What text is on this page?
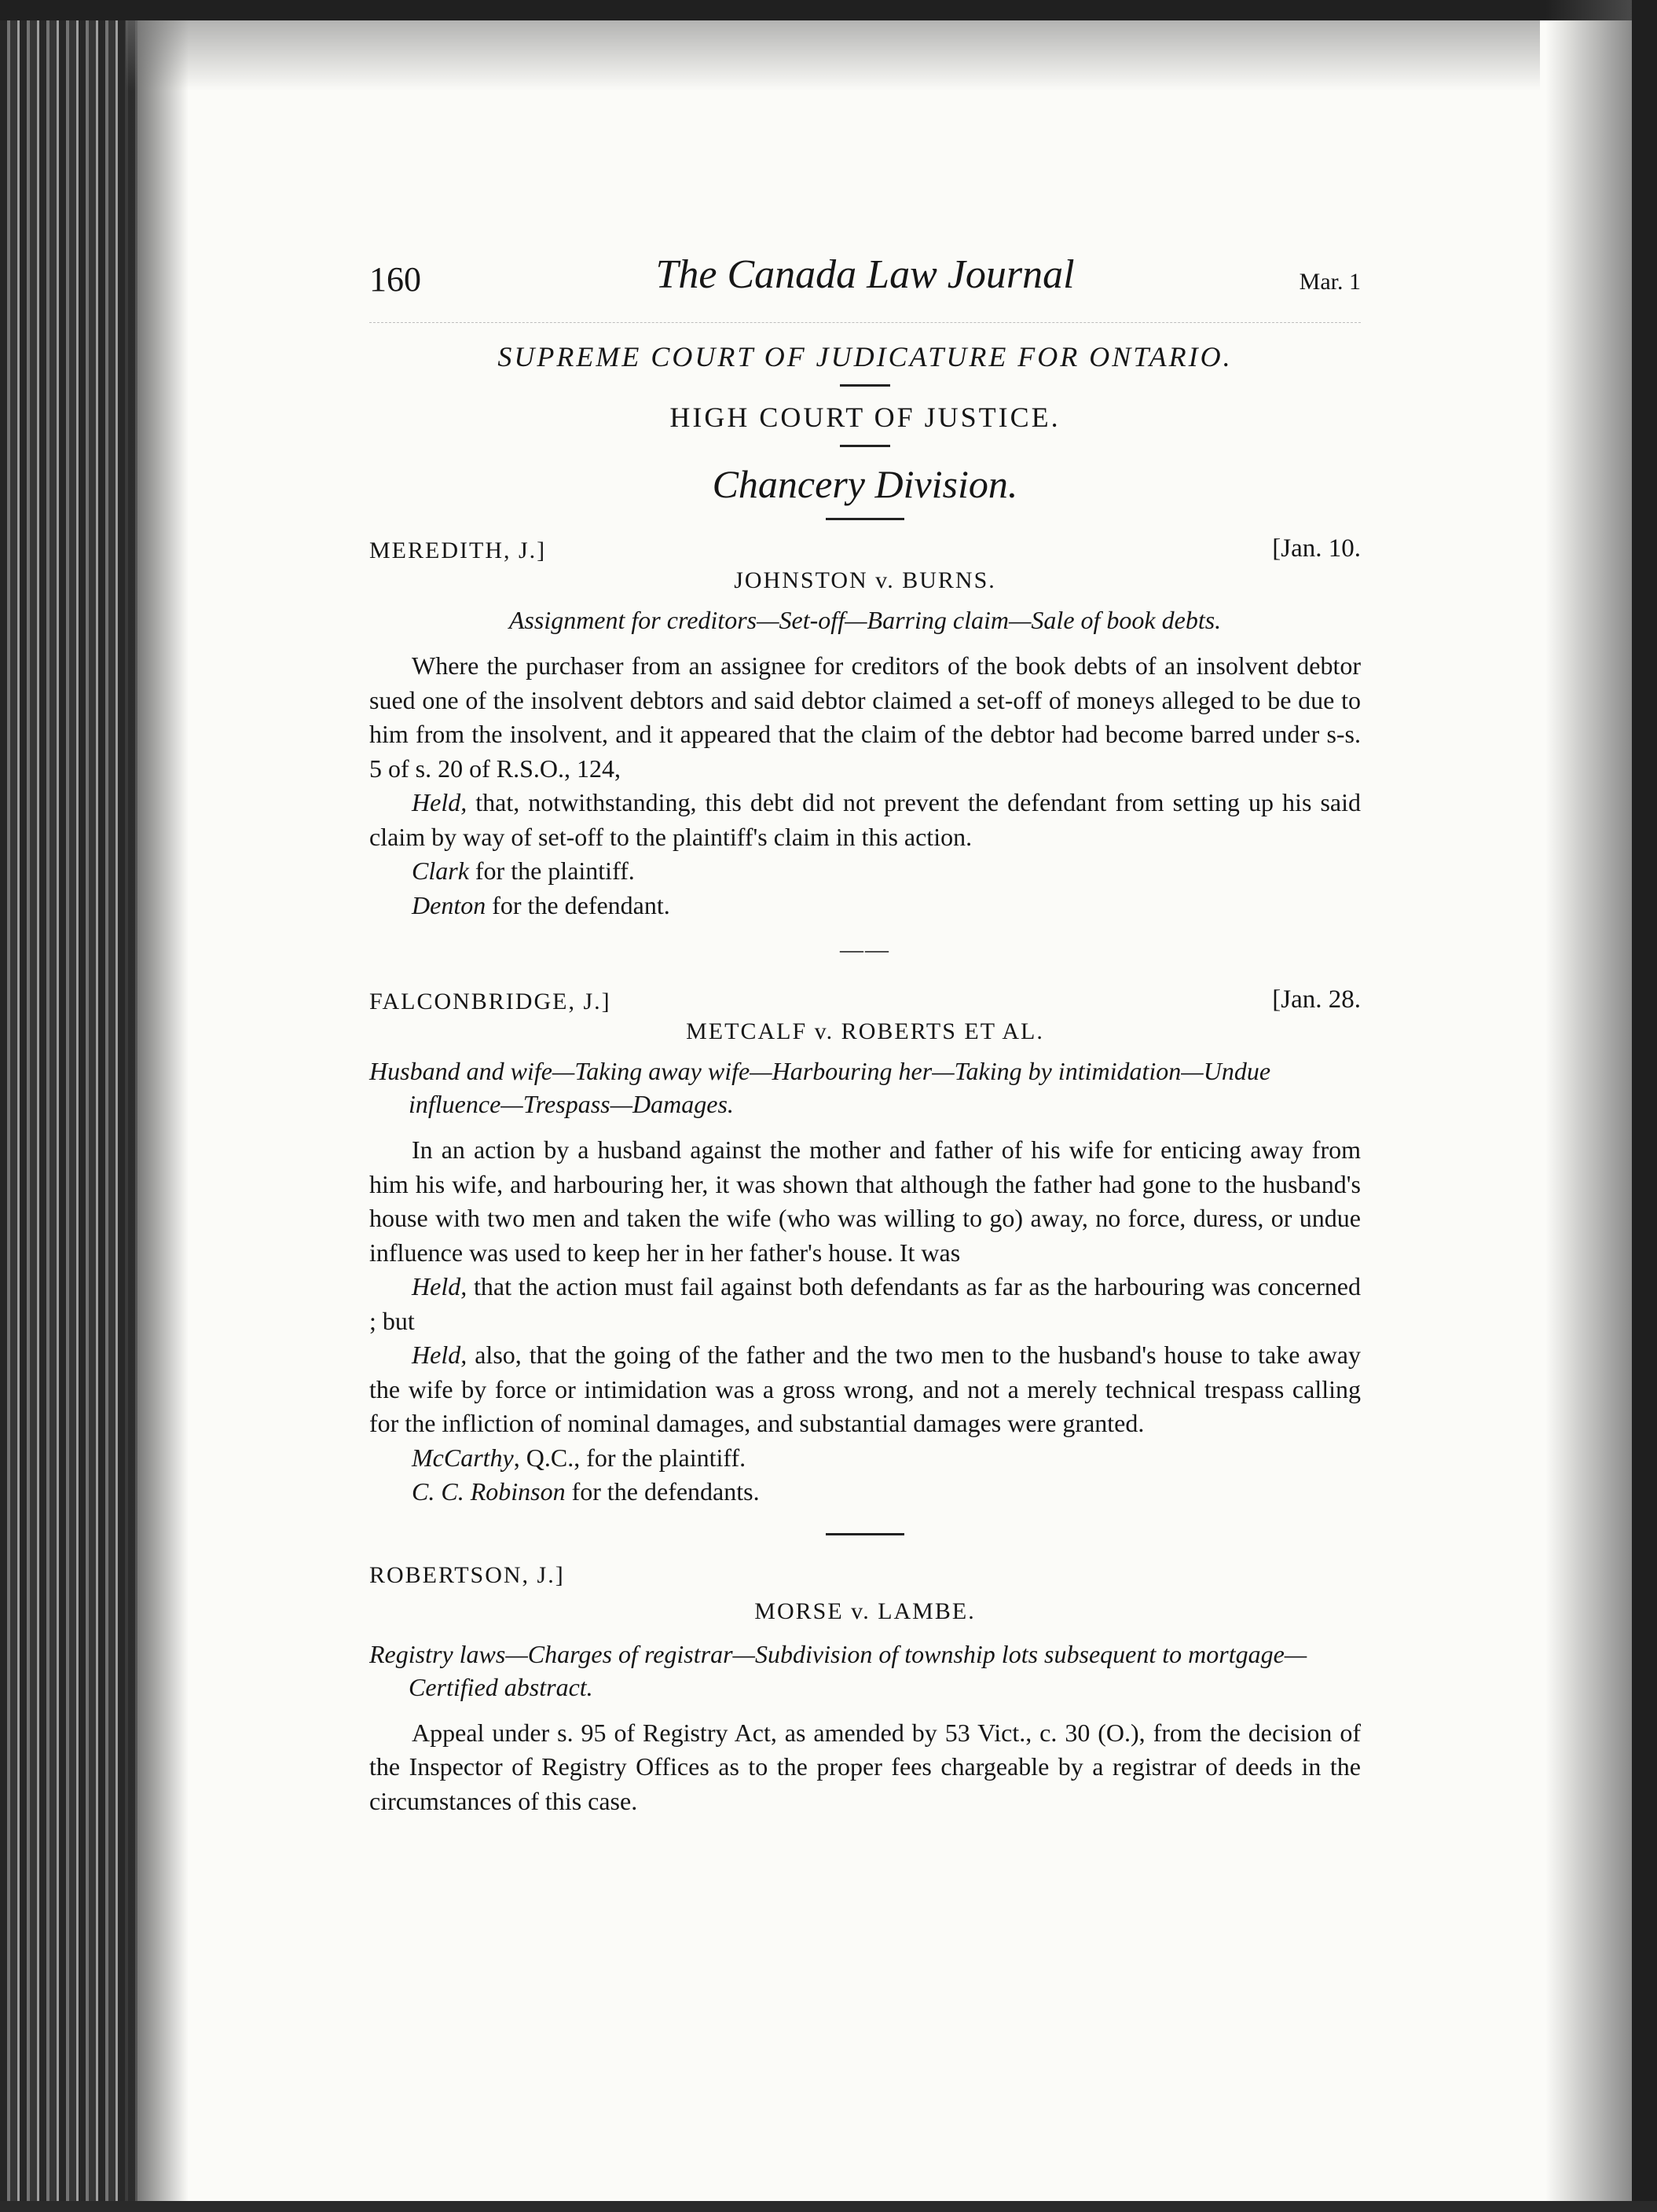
160	The Canada Law Journal	Mar. 1
SUPREME COURT OF JUDICATURE FOR ONTARIO.
HIGH COURT OF JUSTICE.
Chancery Division.
MEREDITH, J.]	[Jan. 10.
JOHNSTON v. BURNS.
Assignment for creditors—Set-off—Barring claim—Sale of book debts.

Where the purchaser from an assignee for creditors of the book debts of an insolvent debtor sued one of the insolvent debtors and said debtor claimed a set-off of moneys alleged to be due to him from the insolvent, and it appeared that the claim of the debtor had become barred under s-s. 5 of s. 20 of R.S.O., 124,

Held, that, notwithstanding, this debt did not prevent the defendant from setting up his said claim by way of set-off to the plaintiff's claim in this action.

Clark for the plaintiff.
Denton for the defendant.
——
FALCONBRIDGE, J.]	[Jan. 28.
METCALF v. ROBERTS ET AL.
Husband and wife—Taking away wife—Harbouring her—Taking by intimidation—Undue influence—Trespass—Damages.

In an action by a husband against the mother and father of his wife for enticing away from him his wife, and harbouring her, it was shown that although the father had gone to the husband's house with two men and taken the wife (who was willing to go) away, no force, duress, or undue influence was used to keep her in her father's house. It was

Held, that the action must fail against both defendants as far as the harbouring was concerned ; but

Held, also, that the going of the father and the two men to the husband's house to take away the wife by force or intimidation was a gross wrong, and not a merely technical trespass calling for the infliction of nominal damages, and substantial damages were granted.

McCarthy, Q.C., for the plaintiff.
C. C. Robinson for the defendants.
ROBERTSON, J.]
MORSE v. LAMBE.
Registry laws—Charges of registrar—Subdivision of township lots subsequent to mortgage—Certified abstract.

Appeal under s. 95 of Registry Act, as amended by 53 Vict., c. 30 (O.), from the decision of the Inspector of Registry Offices as to the proper fees chargeable by a registrar of deeds in the circumstances of this case.
